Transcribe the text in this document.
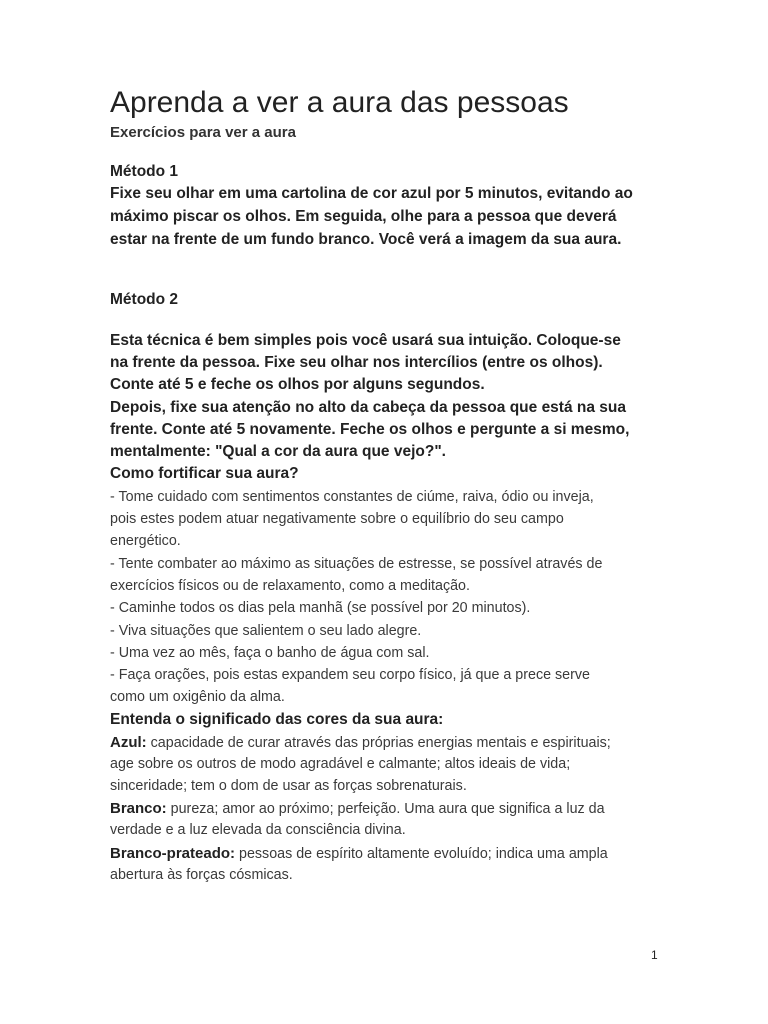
Aprenda a ver a aura das pessoas
Exercícios para ver a aura
Método 1
Fixe seu olhar em uma cartolina de cor azul por 5 minutos, evitando ao
máximo piscar os olhos. Em seguida, olhe para a pessoa que deverá
estar na frente de um fundo branco. Você verá a imagem da sua aura.
Método 2
Esta técnica é bem simples pois você usará sua intuição. Coloque-se
na frente da pessoa. Fixe seu olhar nos intercílios (entre os olhos).
Conte até 5 e feche os olhos por alguns segundos.
Depois, fixe sua atenção no alto da cabeça da pessoa que está na sua
frente. Conte até 5 novamente. Feche os olhos e pergunte a si mesmo,
mentalmente: "Qual a cor da aura que vejo?".
Como fortificar sua aura?
- Tome cuidado com sentimentos constantes de ciúme, raiva, ódio ou inveja,
pois estes podem atuar negativamente sobre o equilíbrio do seu campo
energético.
- Tente combater ao máximo as situações de estresse, se possível através de
exercícios físicos ou de relaxamento, como a meditação.
- Caminhe todos os dias pela manhã (se possível por 20 minutos).
- Viva situações que salientem o seu lado alegre.
- Uma vez ao mês, faça o banho de água com sal.
- Faça orações, pois estas expandem seu corpo físico, já que a prece serve
como um oxigênio da alma.
Entenda o significado das cores da sua aura:
Azul: capacidade de curar através das próprias energias mentais e espirituais;
age sobre os outros de modo agradável e calmante; altos ideais de vida;
sinceridade; tem o dom de usar as forças sobrenaturais.
Branco: pureza; amor ao próximo; perfeição. Uma aura que significa a luz da
verdade e a luz elevada da consciência divina.
Branco-prateado: pessoas de espírito altamente evoluído; indica uma ampla
abertura às forças cósmicas.
1
